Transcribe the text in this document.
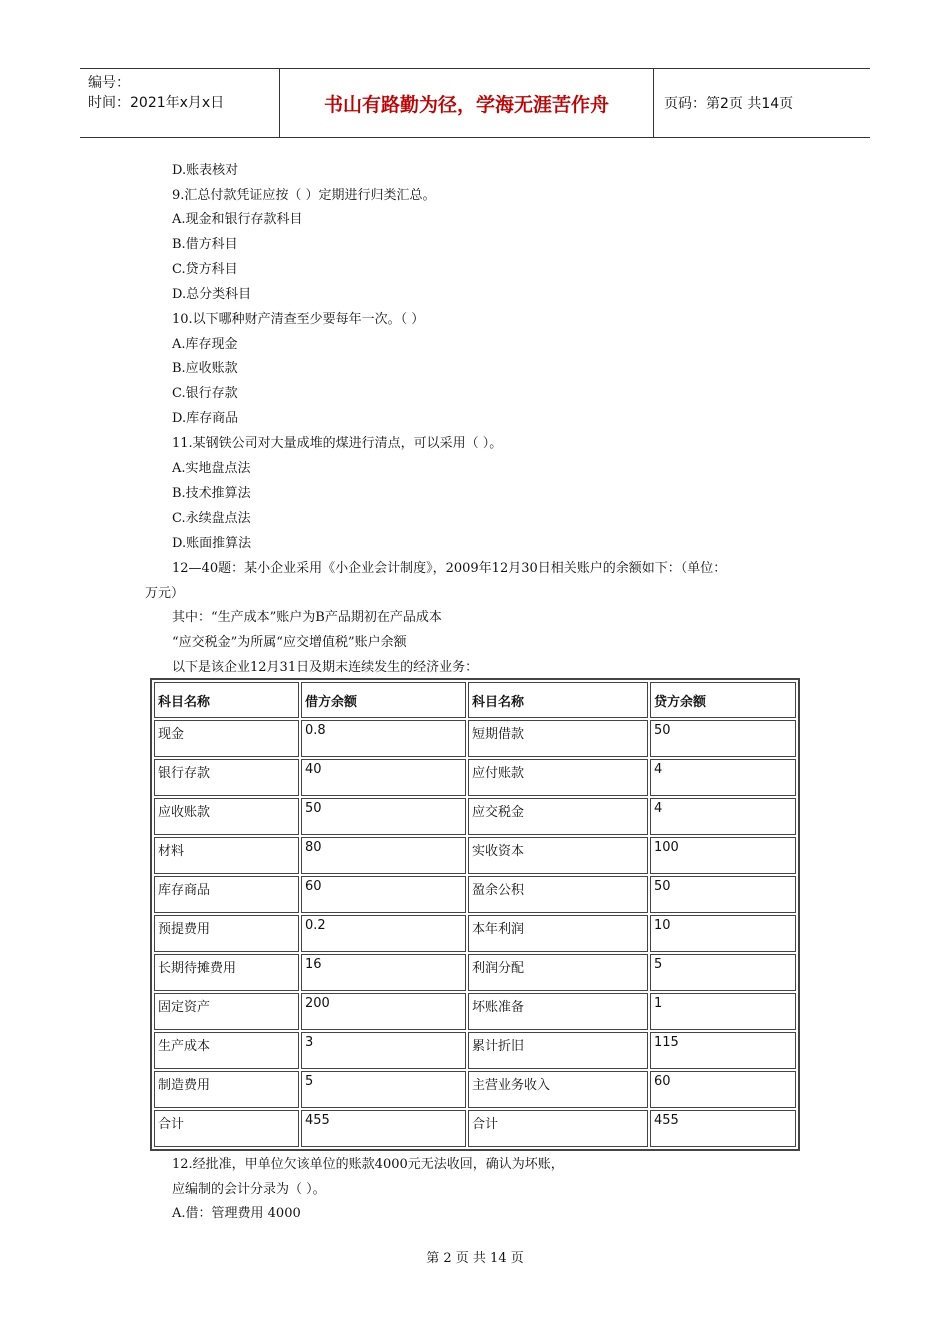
编号：
时间：2021年x月x日	书山有路勤为径，学海无涯苦作舟	页码：第2页 共14页
D.账表核对
9.汇总付款凭证应按（ ）定期进行归类汇总。
A.现金和银行存款科目
B.借方科目
C.贷方科目
D.总分类科目
10.以下哪种财产清查至少要每年一次。（ ）
A.库存现金
B.应收账款
C.银行存款
D.库存商品
11.某钢铁公司对大量成堆的煤进行清点，可以采用（ ）。
A.实地盘点法
B.技术推算法
C.永续盘点法
D.账面推算法
12—40题：某小企业采用《小企业会计制度》，2009年12月30日相关账户的余额如下：（单位：
万元）
其中：“生产成本”账户为B产品期初在产品成本
“应交税金”为所属“应交增值税”账户余额
以下是该企业12月31日及期末连续发生的经济业务：
科目名称	借方余额	科目名称	贷方余额
现金	0.8	短期借款	50
银行存款	40	应付账款	4
应收账款	50	应交税金	4
材料	80	实收资本	100
库存商品	60	盈余公积	50
预提费用	0.2	本年利润	10
长期待摊费用	16	利润分配	5
固定资产	200	坏账准备	1
生产成本	3	累计折旧	115
制造费用	5	主营业务收入	60
合计	455	合计	455
12.经批准，甲单位欠该单位的账款4000元无法收回，确认为坏账，
应编制的会计分录为（ ）。
A.借：管理费用 4000
第 2 页 共 14 页
